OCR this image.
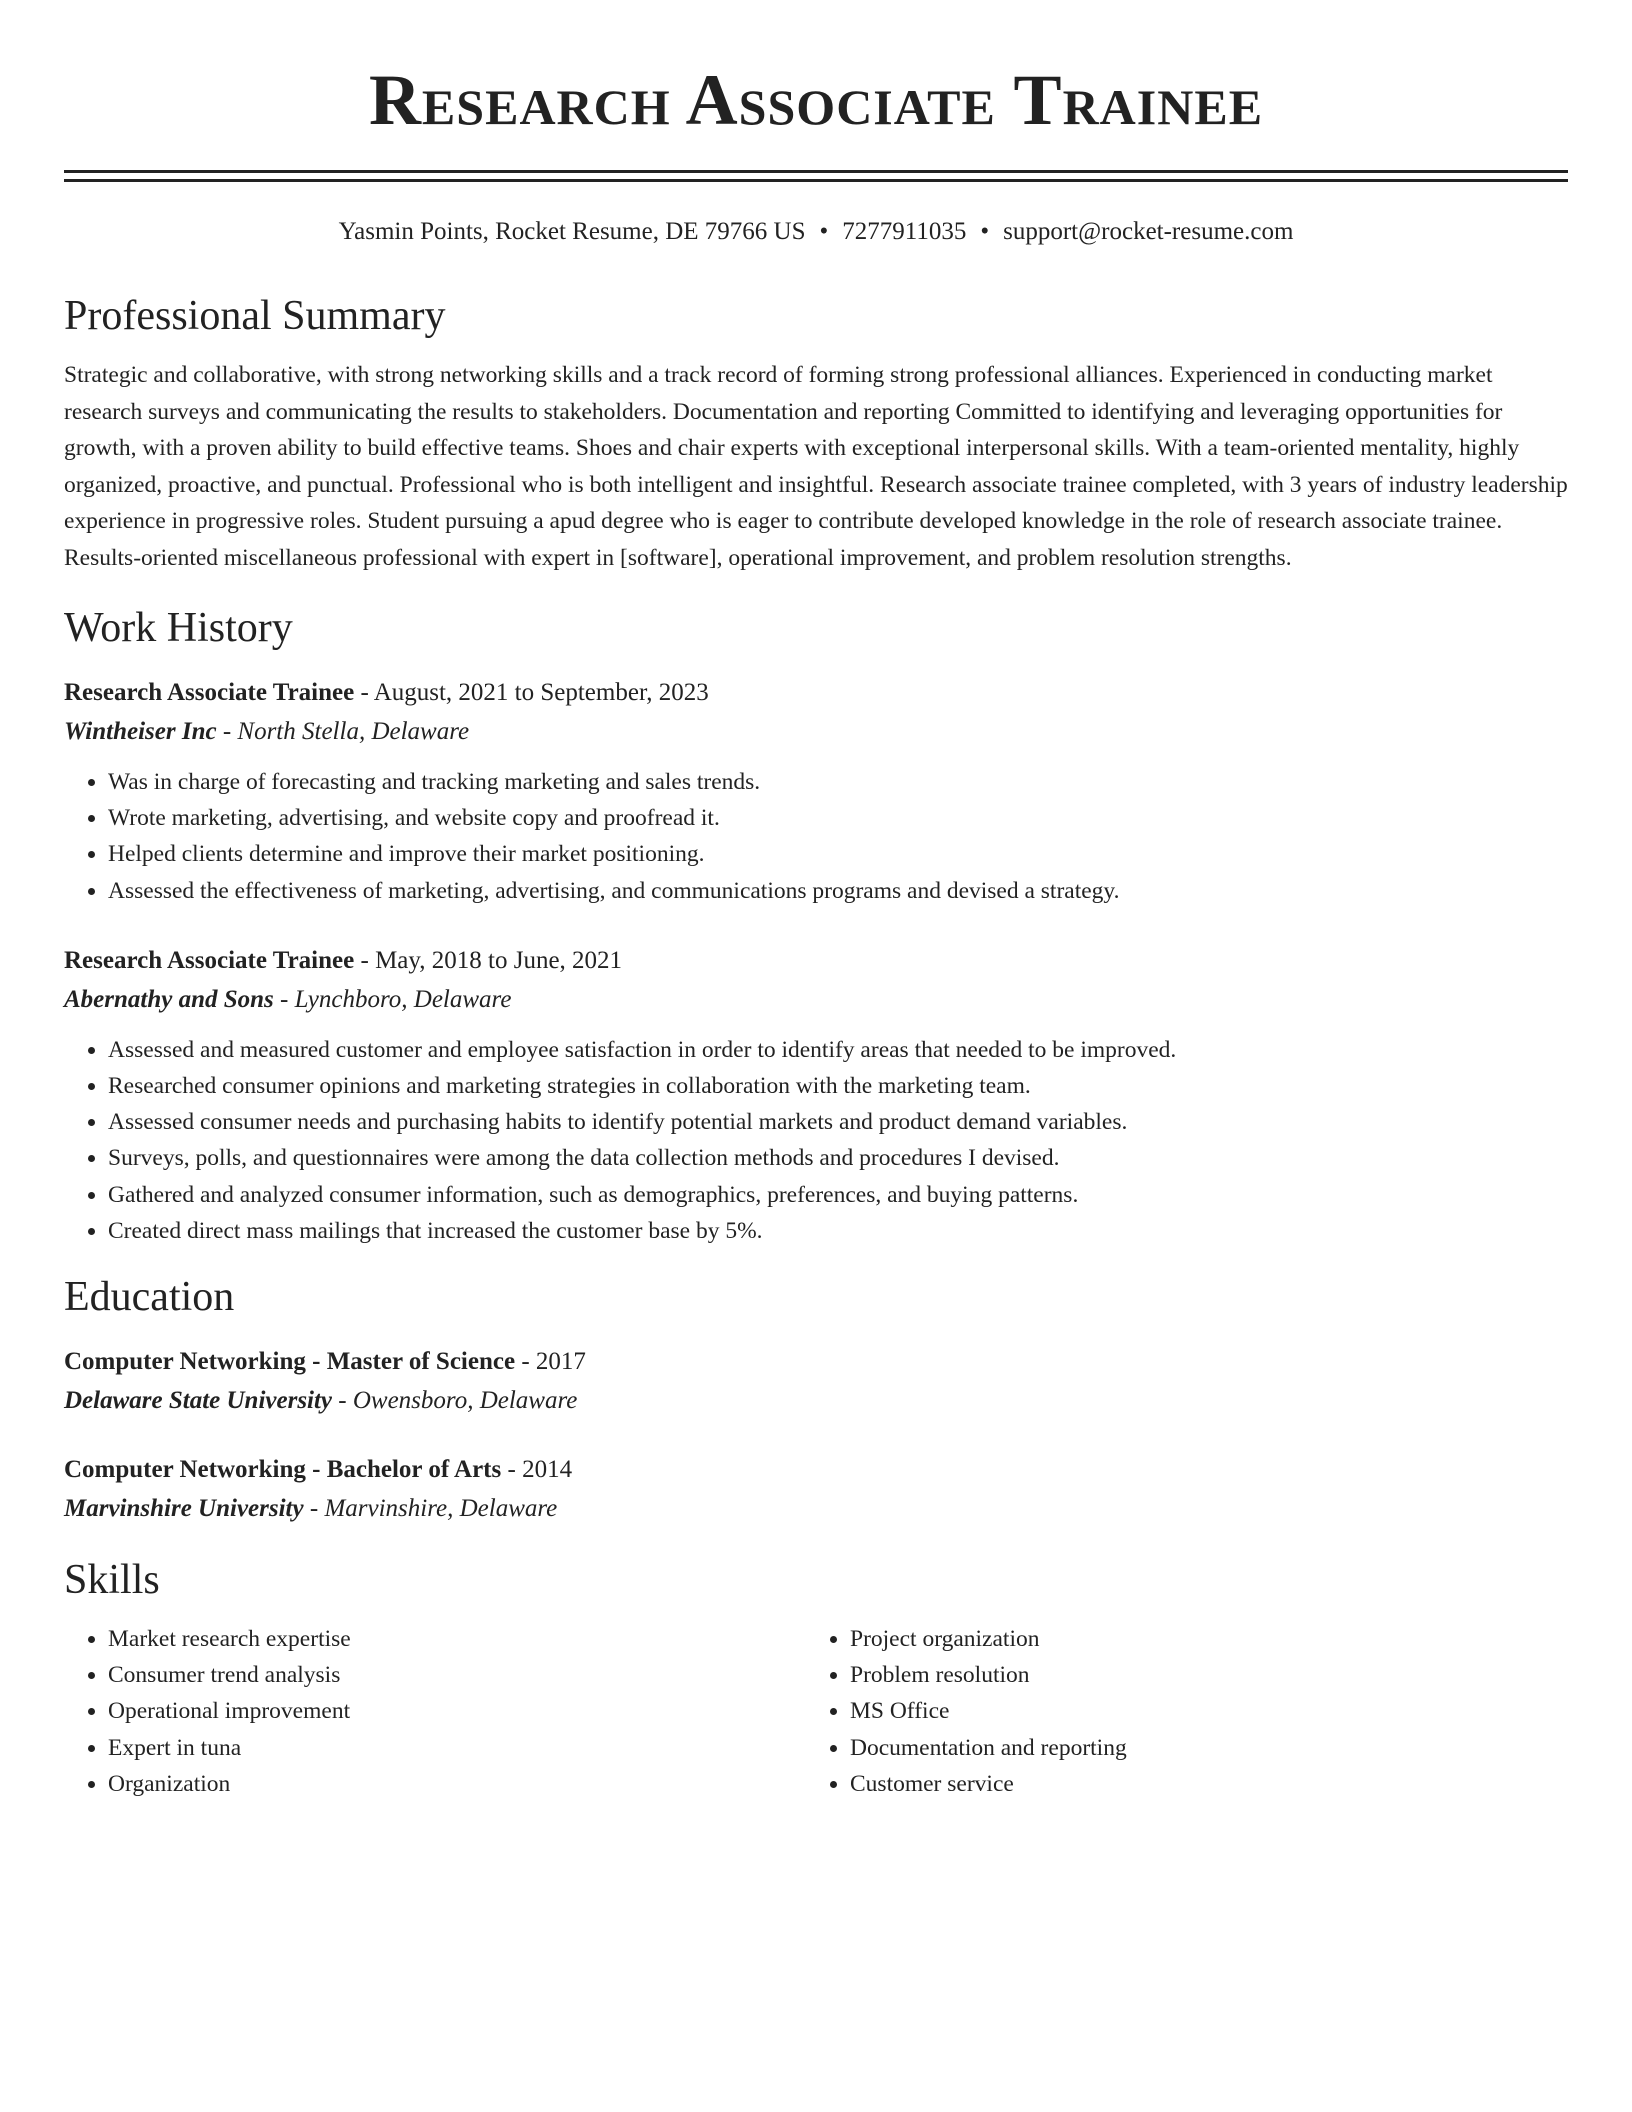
Research Associate Trainee
Yasmin Points, Rocket Resume, DE 79766 US • 7277911035 • support@rocket-resume.com
Professional Summary

Strategic and collaborative, with strong networking skills and a track record of forming strong professional alliances. Experienced in conducting market research surveys and communicating the results to stakeholders. Documentation and reporting Committed to identifying and leveraging opportunities for growth, with a proven ability to build effective teams. Shoes and chair experts with exceptional interpersonal skills. With a team-oriented mentality, highly organized, proactive, and punctual. Professional who is both intelligent and insightful. Research associate trainee completed, with 3 years of industry leadership experience in progressive roles. Student pursuing a apud degree who is eager to contribute developed knowledge in the role of research associate trainee. Results-oriented miscellaneous professional with expert in [software], operational improvement, and problem resolution strengths.

Work History
Research Associate Trainee - August, 2021 to September, 2023
Wintheiser Inc - North Stella, Delaware
• Was in charge of forecasting and tracking marketing and sales trends.
• Wrote marketing, advertising, and website copy and proofread it.
• Helped clients determine and improve their market positioning.
• Assessed the effectiveness of marketing, advertising, and communications programs and devised a strategy.
Research Associate Trainee - May, 2018 to June, 2021
Abernathy and Sons - Lynchboro, Delaware
• Assessed and measured customer and employee satisfaction in order to identify areas that needed to be improved.
• Researched consumer opinions and marketing strategies in collaboration with the marketing team.
• Assessed consumer needs and purchasing habits to identify potential markets and product demand variables.
• Surveys, polls, and questionnaires were among the data collection methods and procedures I devised.
• Gathered and analyzed consumer information, such as demographics, preferences, and buying patterns.
• Created direct mass mailings that increased the customer base by 5%.
Education
Computer Networking - Master of Science - 2017
Delaware State University - Owensboro, Delaware
Computer Networking - Bachelor of Arts - 2014
Marvinshire University - Marvinshire, Delaware
Skills
• Market research expertise
• Consumer trend analysis
• Operational improvement
• Expert in tuna
• Organization
• Project organization
• Problem resolution
• MS Office
• Documentation and reporting
• Customer service
